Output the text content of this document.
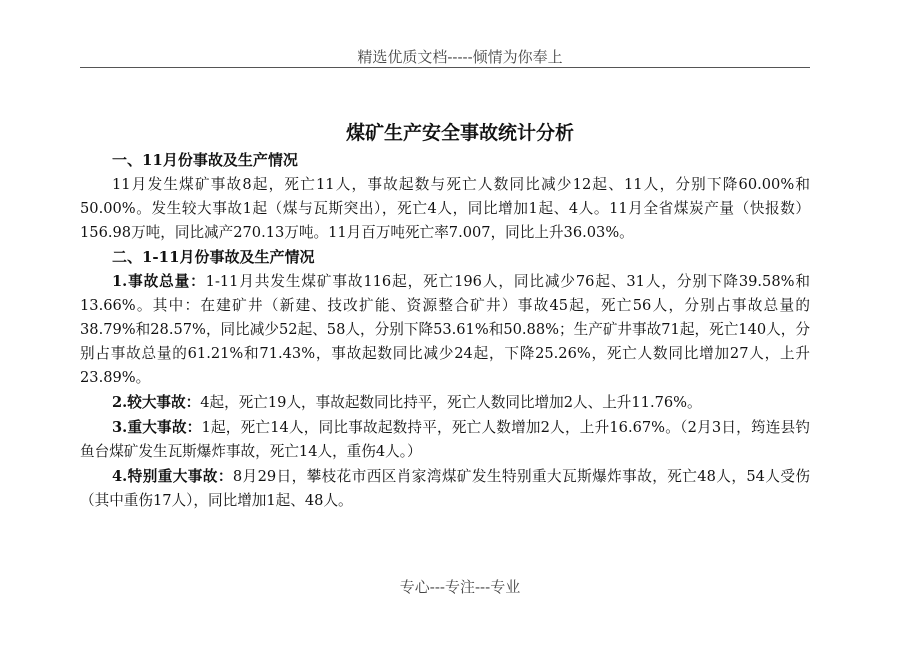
精选优质文档-----倾情为你奉上
煤矿生产安全事故统计分析

一、11月份事故及生产情况

11月发生煤矿事故8起，死亡11人，事故起数与死亡人数同比减少12起、11人，分别下降60.00%和50.00%。发生较大事故1起（煤与瓦斯突出），死亡4人，同比增加1起、4人。11月全省煤炭产量（快报数）156.98万吨，同比减产270.13万吨。11月百万吨死亡率7.007，同比上升36.03%。

二、1-11月份事故及生产情况

1.事故总量：1-11月共发生煤矿事故116起，死亡196人，同比减少76起、31人，分别下降39.58%和13.66%。其中：在建矿井（新建、技改扩能、资源整合矿井）事故45起，死亡56人，分别占事故总量的38.79%和28.57%，同比减少52起、58人，分别下降53.61%和50.88%；生产矿井事故71起，死亡140人，分别占事故总量的61.21%和71.43%，事故起数同比减少24起，下降25.26%，死亡人数同比增加27人，上升23.89%。

2.较大事故：4起，死亡19人，事故起数同比持平，死亡人数同比增加2人、上升11.76%。

3.重大事故：1起，死亡14人，同比事故起数持平，死亡人数增加2人，上升16.67%。（2月3日，筠连县钓鱼台煤矿发生瓦斯爆炸事故，死亡14人，重伤4人。）

4.特别重大事故：8月29日，攀枝花市西区肖家湾煤矿发生特别重大瓦斯爆炸事故，死亡48人，54人受伤（其中重伤17人），同比增加1起、48人。

专心---专注---专业
